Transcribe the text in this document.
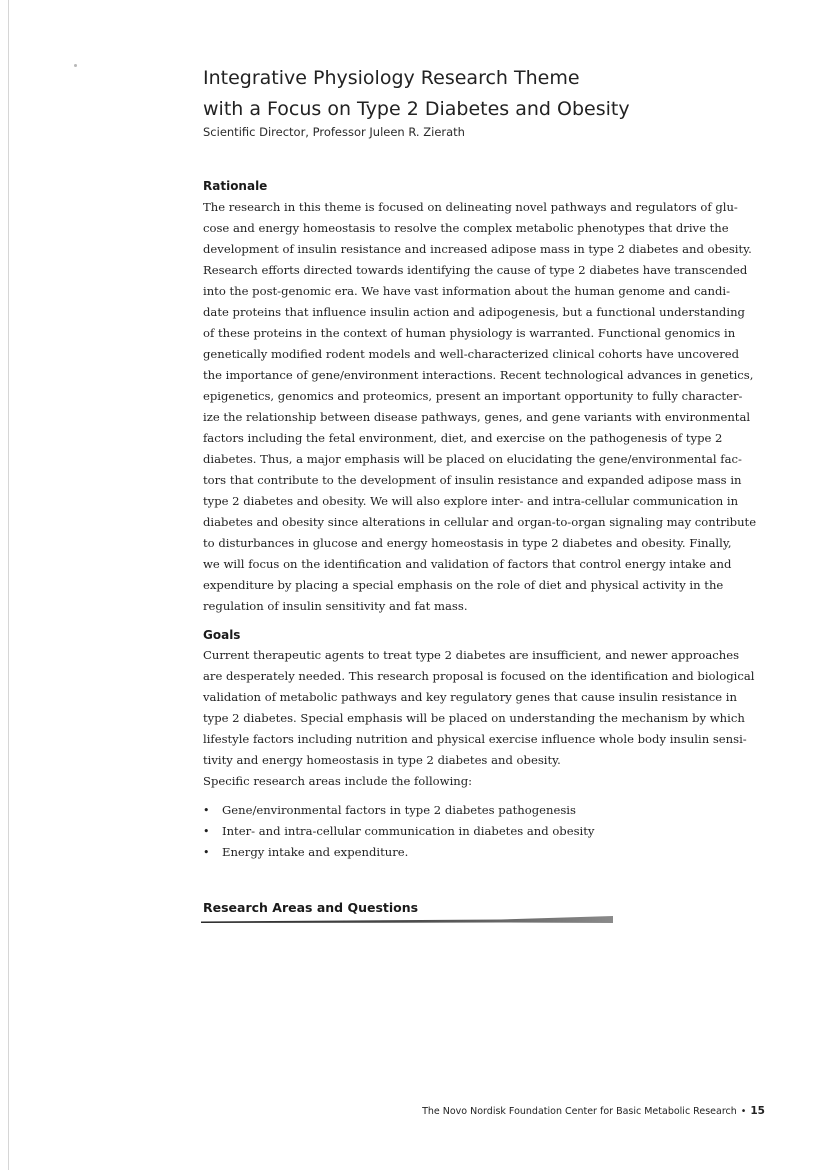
Integrative Physiology Research Theme
with a Focus on Type 2 Diabetes and Obesity

Scientific Director, Professor Juleen R. Zierath

Rationale

The research in this theme is focused on delineating novel pathways and regulators of glu-
cose and energy homeostasis to resolve the complex metabolic phenotypes that drive the
development of insulin resistance and increased adipose mass in type 2 diabetes and obesity.
Research efforts directed towards identifying the cause of type 2 diabetes have transcended
into the post-genomic era. We have vast information about the human genome and candi-
date proteins that influence insulin action and adipogenesis, but a functional understanding
of these proteins in the context of human physiology is warranted. Functional genomics in
genetically modified rodent models and well-characterized clinical cohorts have uncovered
the importance of gene/environment interactions. Recent technological advances in genetics,
epigenetics, genomics and proteomics, present an important opportunity to fully character-
ize the relationship between disease pathways, genes, and gene variants with environmental
factors including the fetal environment, diet, and exercise on the pathogenesis of type 2
diabetes. Thus, a major emphasis will be placed on elucidating the gene/environmental fac-
tors that contribute to the development of insulin resistance and expanded adipose mass in
type 2 diabetes and obesity. We will also explore inter- and intra-cellular communication in
diabetes and obesity since alterations in cellular and organ-to-organ signaling may contribute
to disturbances in glucose and energy homeostasis in type 2 diabetes and obesity. Finally,
we will focus on the identification and validation of factors that control energy intake and
expenditure by placing a special emphasis on the role of diet and physical activity in the
regulation of insulin sensitivity and fat mass.

Goals

Current therapeutic agents to treat type 2 diabetes are insufficient, and newer approaches
are desperately needed. This research proposal is focused on the identification and biological
validation of metabolic pathways and key regulatory genes that cause insulin resistance in
type 2 diabetes. Special emphasis will be placed on understanding the mechanism by which
lifestyle factors including nutrition and physical exercise influence whole body insulin sensi-
tivity and energy homeostasis in type 2 diabetes and obesity.
Specific research areas include the following:

• Gene/environmental factors in type 2 diabetes pathogenesis
• Inter- and intra-cellular communication in diabetes and obesity
• Energy intake and expenditure.
Research Areas and Questions

The Novo Nordisk Foundation Center for Basic Metabolic Research • 15
